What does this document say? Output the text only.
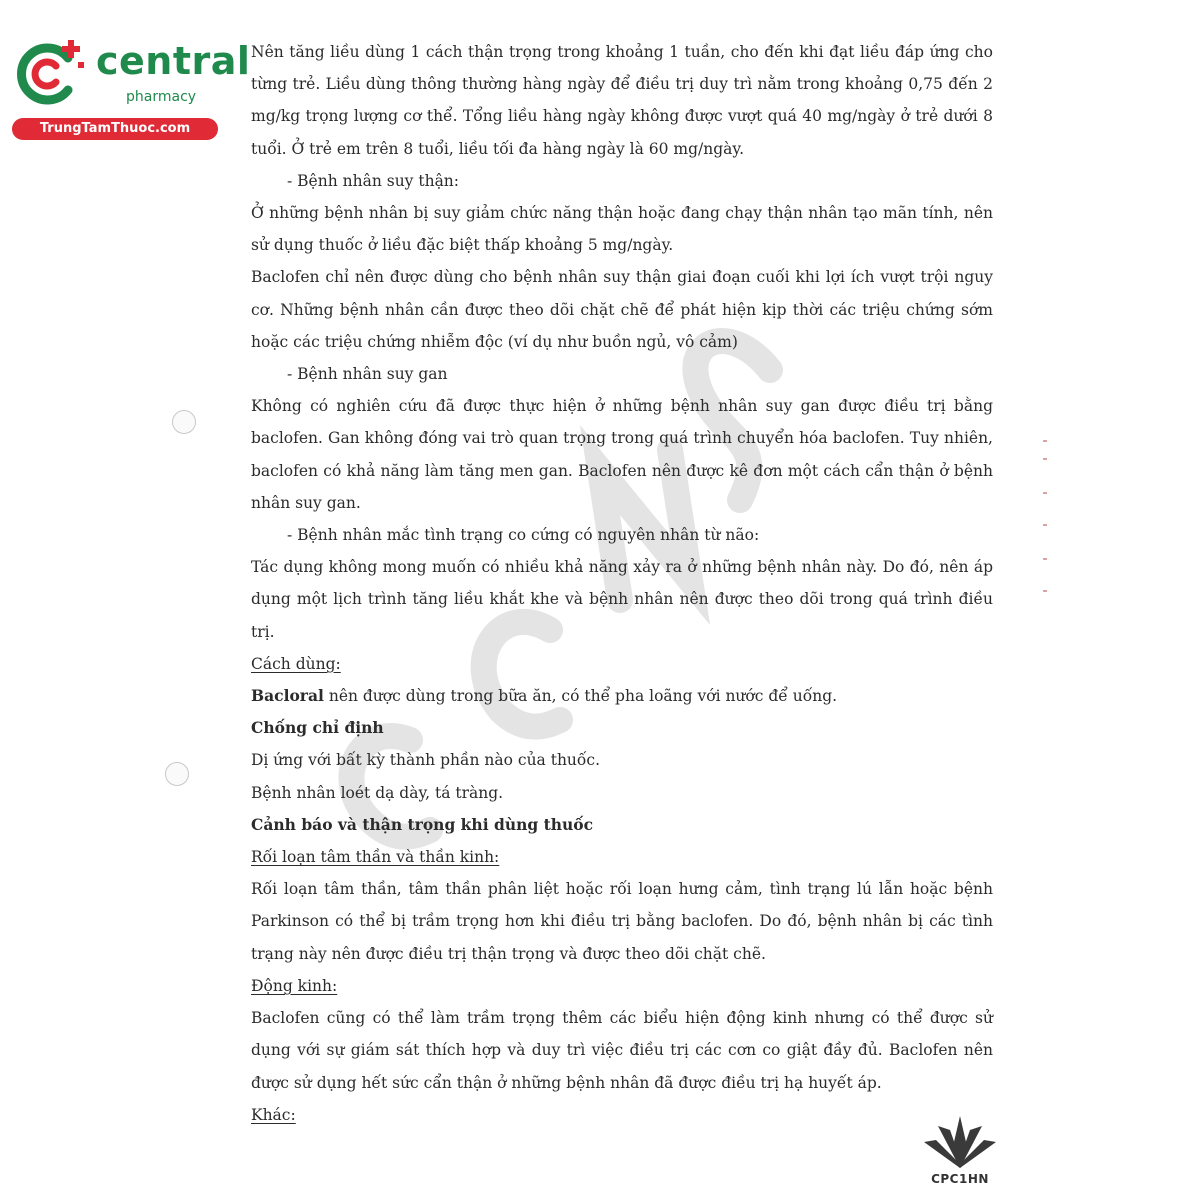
central
pharmacy
TrungTamThuoc.com

Nên tăng liều dùng 1 cách thận trọng trong khoảng 1 tuần, cho đến khi đạt liều đáp ứng cho từng trẻ. Liều dùng thông thường hàng ngày để điều trị duy trì nằm trong khoảng 0,75 đến 2 mg/kg trọng lượng cơ thể. Tổng liều hàng ngày không được vượt quá 40 mg/ngày ở trẻ dưới 8 tuổi. Ở trẻ em trên 8 tuổi, liều tối đa hàng ngày là 60 mg/ngày.

- Bệnh nhân suy thận:

Ở những bệnh nhân bị suy giảm chức năng thận hoặc đang chạy thận nhân tạo mãn tính, nên sử dụng thuốc ở liều đặc biệt thấp khoảng 5 mg/ngày.

Baclofen chỉ nên được dùng cho bệnh nhân suy thận giai đoạn cuối khi lợi ích vượt trội nguy cơ. Những bệnh nhân cần được theo dõi chặt chẽ để phát hiện kịp thời các triệu chứng sớm hoặc các triệu chứng nhiễm độc (ví dụ như buồn ngủ, vô cảm)

- Bệnh nhân suy gan

Không có nghiên cứu đã được thực hiện ở những bệnh nhân suy gan được điều trị bằng baclofen. Gan không đóng vai trò quan trọng trong quá trình chuyển hóa baclofen. Tuy nhiên, baclofen có khả năng làm tăng men gan. Baclofen nên được kê đơn một cách cẩn thận ở bệnh nhân suy gan.

- Bệnh nhân mắc tình trạng co cứng có nguyên nhân từ não:

Tác dụng không mong muốn có nhiều khả năng xảy ra ở những bệnh nhân này. Do đó, nên áp dụng một lịch trình tăng liều khắt khe và bệnh nhân nên được theo dõi trong quá trình điều trị.

Cách dùng:

Bacloral nên được dùng trong bữa ăn, có thể pha loãng với nước để uống.

Chống chỉ định

Dị ứng với bất kỳ thành phần nào của thuốc.

Bệnh nhân loét dạ dày, tá tràng.

Cảnh báo và thận trọng khi dùng thuốc

Rối loạn tâm thần và thần kinh:

Rối loạn tâm thần, tâm thần phân liệt hoặc rối loạn hưng cảm, tình trạng lú lẫn hoặc bệnh Parkinson có thể bị trầm trọng hơn khi điều trị bằng baclofen. Do đó, bệnh nhân bị các tình trạng này nên được điều trị thận trọng và được theo dõi chặt chẽ.

Động kinh:

Baclofen cũng có thể làm trầm trọng thêm các biểu hiện động kinh nhưng có thể được sử dụng với sự giám sát thích hợp và duy trì việc điều trị các cơn co giật đầy đủ. Baclofen nên được sử dụng hết sức cẩn thận ở những bệnh nhân đã được điều trị hạ huyết áp.

Khác:

CPC1HN
